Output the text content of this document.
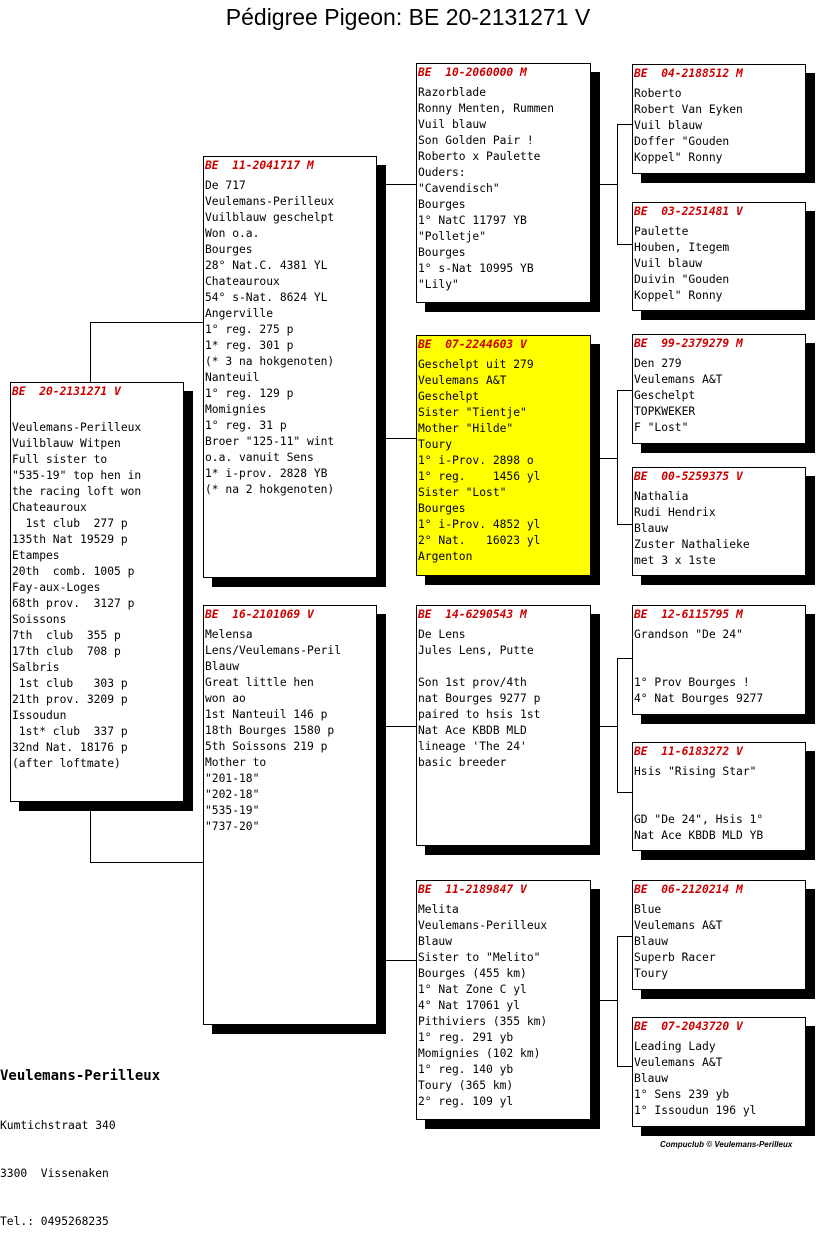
Pédigree Pigeon: BE 20-2131271 V
BE  20-2131271 V
Veulemans-Perilleux
Vuilblauw Witpen
Full sister to
"535-19" top hen in
the racing loft won
Chateauroux
1st club  277 p
135th Nat 19529 p
Etampes
20th  comb. 1005 p
Fay-aux-Loges
68th prov.  3127 p
Soissons
7th  club  355 p
17th club  708 p
Salbris
1st club   303 p
21th prov. 3209 p
Issoudun
1st* club  337 p
32nd Nat. 18176 p
(after loftmate)
BE  11-2041717 M
De 717
Veulemans-Perilleux
Vuilblauw geschelpt
Won o.a.
Bourges
28° Nat.C. 4381 YL
Chateauroux
54° s-Nat. 8624 YL
Angerville
1° reg. 275 p
1* reg. 301 p
(* 3 na hokgenoten)
Nanteuil
1° reg. 129 p
Momignies
1° reg. 31 p
Broer "125-11" wint
o.a. vanuit Sens
1* i-prov. 2828 YB
(* na 2 hokgenoten)
BE  16-2101069 V
Melensa
Lens/Veulemans-Peril
Blauw
Great little hen
won ao
1st Nanteuil 146 p
18th Bourges 1580 p
5th Soissons 219 p
Mother to
"201-18"
"202-18"
"535-19"
"737-20"
BE  10-2060000 M
Razorblade
Ronny Menten, Rummen
Vuil blauw
Son Golden Pair !
Roberto x Paulette
Ouders:
"Cavendisch"
Bourges
1° NatC 11797 YB
"Polletje"
Bourges
1° s-Nat 10995 YB
"Lily"
BE  07-2244603 V
Geschelpt uit 279
Veulemans A&T
Geschelpt
Sister "Tientje"
Mother "Hilde"
Toury
1° i-Prov. 2898 o
1° reg.    1456 yl
Sister "Lost"
Bourges
1° i-Prov. 4852 yl
2° Nat.   16023 yl
Argenton
BE  14-6290543 M
De Lens
Jules Lens, Putte
Son 1st prov/4th
nat Bourges 9277 p
paired to hsis 1st
Nat Ace KBDB MLD
lineage 'The 24'
basic breeder
BE  11-2189847 V
Melita
Veulemans-Perilleux
Blauw
Sister to "Melito"
Bourges (455 km)
1° Nat Zone C yl
4° Nat 17061 yl
Pithiviers (355 km)
1° reg. 291 yb
Momignies (102 km)
1° reg. 140 yb
Toury (365 km)
2° reg. 109 yl
BE  04-2188512 M
Roberto
Robert Van Eyken
Vuil blauw
Doffer "Gouden
Koppel" Ronny
BE  03-2251481 V
Paulette
Houben, Itegem
Vuil blauw
Duivin "Gouden
Koppel" Ronny
BE  99-2379279 M
Den 279
Veulemans A&T
Geschelpt
TOPKWEKER
F "Lost"
BE  00-5259375 V
Nathalia
Rudi Hendrix
Blauw
Zuster Nathalieke
met 3 x 1ste
BE  12-6115795 M
Grandson "De 24"
1° Prov Bourges !
4° Nat Bourges 9277
BE  11-6183272 V
Hsis "Rising Star"
GD "De 24", Hsis 1°
Nat Ace KBDB MLD YB
BE  06-2120214 M
Blue
Veulemans A&T
Blauw
Superb Racer
Toury
BE  07-2043720 V
Leading Lady
Veulemans A&T
Blauw
1° Sens 239 yb
1° Issoudun 196 yl

Veulemans-Perilleux

Kumtichstraat 340

3300  Vissenaken

Tel.: 0495268235

Compuclub © Veulemans-Perilleux
